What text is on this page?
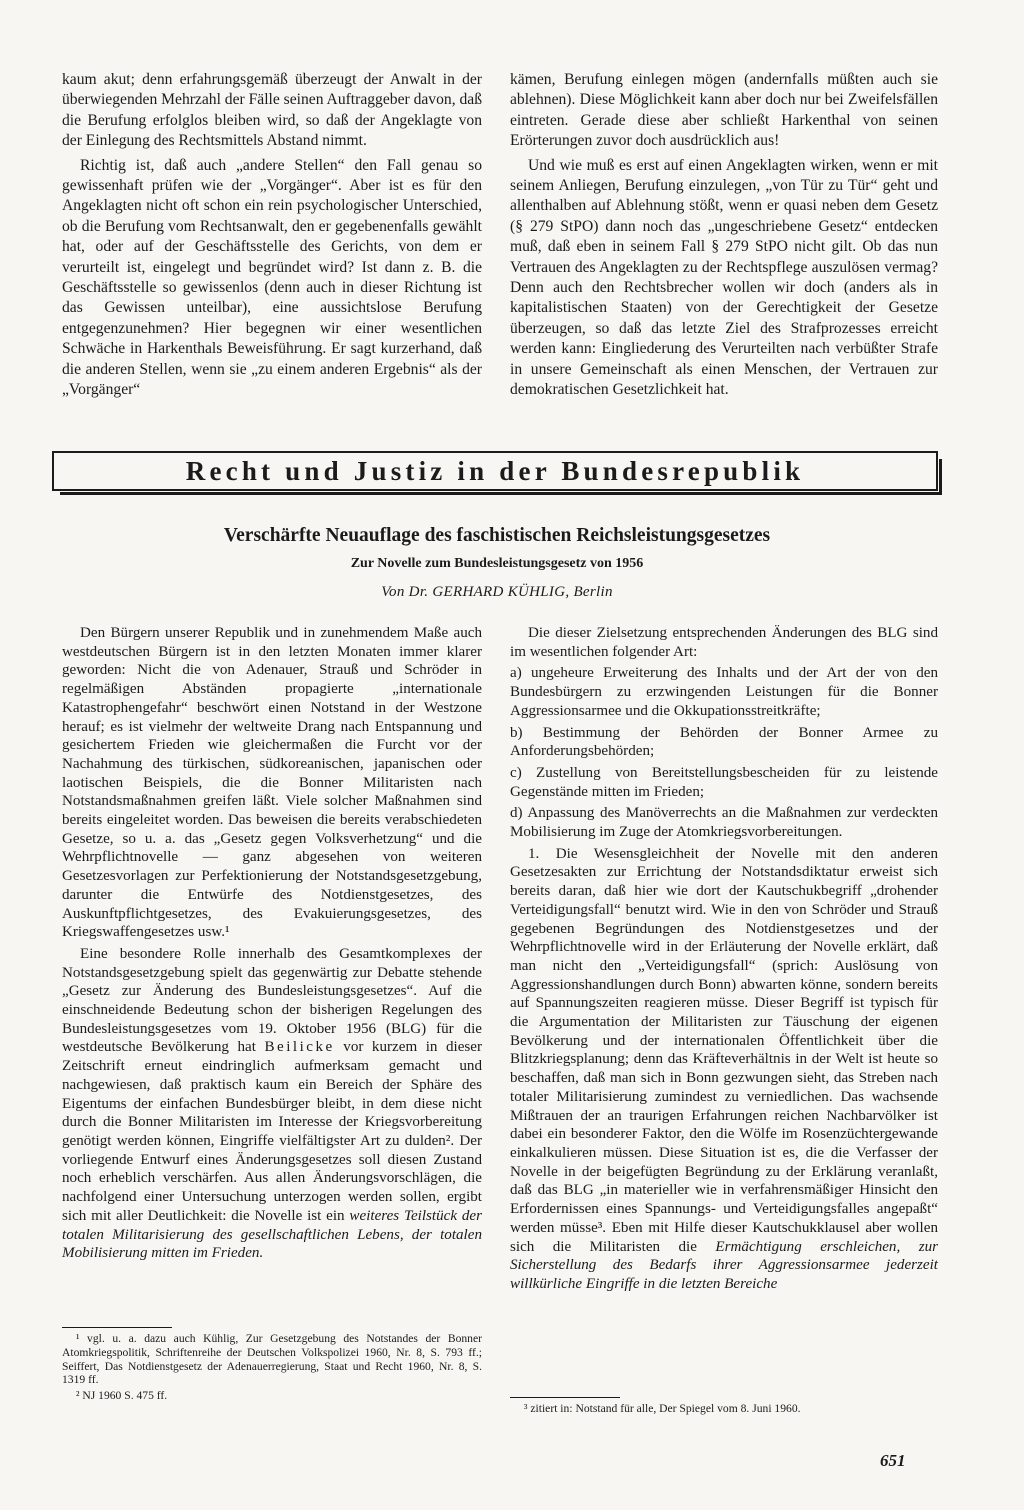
kaum akut; denn erfahrungsgemäß überzeugt der Anwalt in der überwiegenden Mehrzahl der Fälle seinen Auftraggeber davon, daß die Berufung erfolglos bleiben wird, so daß der Angeklagte von der Einlegung des Rechtsmittels Abstand nimmt.

Richtig ist, daß auch „andere Stellen“ den Fall genau so gewissenhaft prüfen wie der „Vorgänger“. Aber ist es für den Angeklagten nicht oft schon ein rein psychologischer Unterschied, ob die Berufung vom Rechtsanwalt, den er gegebenenfalls gewählt hat, oder auf der Geschäftsstelle des Gerichts, von dem er verurteilt ist, eingelegt und begründet wird? Ist dann z. B. die Geschäftsstelle so gewissenlos (denn auch in dieser Richtung ist das Gewissen unteilbar), eine aussichtslose Berufung entgegenzunehmen? Hier begegnen wir einer wesentlichen Schwäche in Harkenthals Beweisführung. Er sagt kurzerhand, daß die anderen Stellen, wenn sie „zu einem anderen Ergebnis“ als der „Vorgänger“

kämen, Berufung einlegen mögen (andernfalls müßten auch sie ablehnen). Diese Möglichkeit kann aber doch nur bei Zweifelsfällen eintreten. Gerade diese aber schließt Harkenthal von seinen Erörterungen zuvor doch ausdrücklich aus!

Und wie muß es erst auf einen Angeklagten wirken, wenn er mit seinem Anliegen, Berufung einzulegen, „von Tür zu Tür“ geht und allenthalben auf Ablehnung stößt, wenn er quasi neben dem Gesetz (§ 279 StPO) dann noch das „ungeschriebene Gesetz“ entdecken muß, daß eben in seinem Fall § 279 StPO nicht gilt. Ob das nun Vertrauen des Angeklagten zu der Rechtspflege auszulösen vermag? Denn auch den Rechtsbrecher wollen wir doch (anders als in kapitalistischen Staaten) von der Gerechtigkeit der Gesetze überzeugen, so daß das letzte Ziel des Strafprozesses erreicht werden kann: Eingliederung des Verurteilten nach verbüßter Strafe in unsere Gemeinschaft als einen Menschen, der Vertrauen zur demokratischen Gesetzlichkeit hat.

Recht und Justiz in der Bundesrepublik
Verschärfte Neuauflage des faschistischen Reichsleistungsgesetzes
Zur Novelle zum Bundesleistungsgesetz von 1956
Von Dr. GERHARD KÜHLIG, Berlin

Den Bürgern unserer Republik und in zunehmendem Maße auch westdeutschen Bürgern ist in den letzten Monaten immer klarer geworden: Nicht die von Adenauer, Strauß und Schröder in regelmäßigen Abständen propagierte „internationale Katastrophengefahr“ beschwört einen Notstand in der Westzone herauf; es ist vielmehr der weltweite Drang nach Entspannung und gesichertem Frieden wie gleichermaßen die Furcht vor der Nachahmung des türkischen, südkoreanischen, japanischen oder laotischen Beispiels, die die Bonner Militaristen nach Notstandsmaßnahmen greifen läßt. Viele solcher Maßnahmen sind bereits eingeleitet worden. Das beweisen die bereits verabschiedeten Gesetze, so u. a. das „Gesetz gegen Volksverhetzung“ und die Wehrpflichtnovelle — ganz abgesehen von weiteren Gesetzesvorlagen zur Perfektionierung der Notstandsgesetzgebung, darunter die Entwürfe des Notdienstgesetzes, des Auskunftpflichtgesetzes, des Evakuierungsgesetzes, des Kriegswaffengesetzes usw.¹

Eine besondere Rolle innerhalb des Gesamtkomplexes der Notstandsgesetzgebung spielt das gegenwärtig zur Debatte stehende „Gesetz zur Änderung des Bundesleistungsgesetzes“. Auf die einschneidende Bedeutung schon der bisherigen Regelungen des Bundesleistungsgesetzes vom 19. Oktober 1956 (BLG) für die westdeutsche Bevölkerung hat Beilicke vor kurzem in dieser Zeitschrift erneut eindringlich aufmerksam gemacht und nachgewiesen, daß praktisch kaum ein Bereich der Sphäre des Eigentums der einfachen Bundesbürger bleibt, in dem diese nicht durch die Bonner Militaristen im Interesse der Kriegsvorbereitung genötigt werden können, Eingriffe vielfältigster Art zu dulden². Der vorliegende Entwurf eines Änderungsgesetzes soll diesen Zustand noch erheblich verschärfen. Aus allen Änderungsvorschlägen, die nachfolgend einer Untersuchung unterzogen werden sollen, ergibt sich mit aller Deutlichkeit: die Novelle ist ein weiteres Teilstück der totalen Militarisierung des gesellschaftlichen Lebens, der totalen Mobilisierung mitten im Frieden.

Die dieser Zielsetzung entsprechenden Änderungen des BLG sind im wesentlichen folgender Art:

a) ungeheure Erweiterung des Inhalts und der Art der von den Bundesbürgern zu erzwingenden Leistungen für die Bonner Aggressionsarmee und die Okkupationsstreitkräfte;

b) Bestimmung der Behörden der Bonner Armee zu Anforderungsbehörden;

c) Zustellung von Bereitstellungsbescheiden für zu leistende Gegenstände mitten im Frieden;

d) Anpassung des Manöverrechts an die Maßnahmen zur verdeckten Mobilisierung im Zuge der Atomkriegsvorbereitungen.

1. Die Wesensgleichheit der Novelle mit den anderen Gesetzesakten zur Errichtung der Notstandsdiktatur erweist sich bereits daran, daß hier wie dort der Kautschukbegriff „drohender Verteidigungsfall“ benutzt wird. Wie in den von Schröder und Strauß gegebenen Begründungen des Notdienstgesetzes und der Wehrpflichtnovelle wird in der Erläuterung der Novelle erklärt, daß man nicht den „Verteidigungsfall“ (sprich: Auslösung von Aggressionshandlungen durch Bonn) abwarten könne, sondern bereits auf Spannungszeiten reagieren müsse. Dieser Begriff ist typisch für die Argumentation der Militaristen zur Täuschung der eigenen Bevölkerung und der internationalen Öffentlichkeit über die Blitzkriegsplanung; denn das Kräfteverhältnis in der Welt ist heute so beschaffen, daß man sich in Bonn gezwungen sieht, das Streben nach totaler Militarisierung zumindest zu verniedlichen. Das wachsende Mißtrauen der an traurigen Erfahrungen reichen Nachbarvölker ist dabei ein besonderer Faktor, den die Wölfe im Rosenzüchtergewande einkalkulieren müssen. Diese Situation ist es, die die Verfasser der Novelle in der beigefügten Begründung zu der Erklärung veranlaßt, daß das BLG „in materieller wie in verfahrensmäßiger Hinsicht den Erfordernissen eines Spannungs- und Verteidigungsfalles angepaßt“ werden müsse³. Eben mit Hilfe dieser Kautschukklausel aber wollen sich die Militaristen die Ermächtigung erschleichen, zur Sicherstellung des Bedarfs ihrer Aggressionsarmee jederzeit willkürliche Eingriffe in die letzten Bereiche

¹ vgl. u. a. dazu auch Kühlig, Zur Gesetzgebung des Notstandes der Bonner Atomkriegspolitik, Schriftenreihe der Deutschen Volkspolizei 1960, Nr. 8, S. 793 ff.; Seiffert, Das Notdienstgesetz der Adenauerregierung, Staat und Recht 1960, Nr. 8, S. 1319 ff.

² NJ 1960 S. 475 ff.

³ zitiert in: Notstand für alle, Der Spiegel vom 8. Juni 1960.

651
